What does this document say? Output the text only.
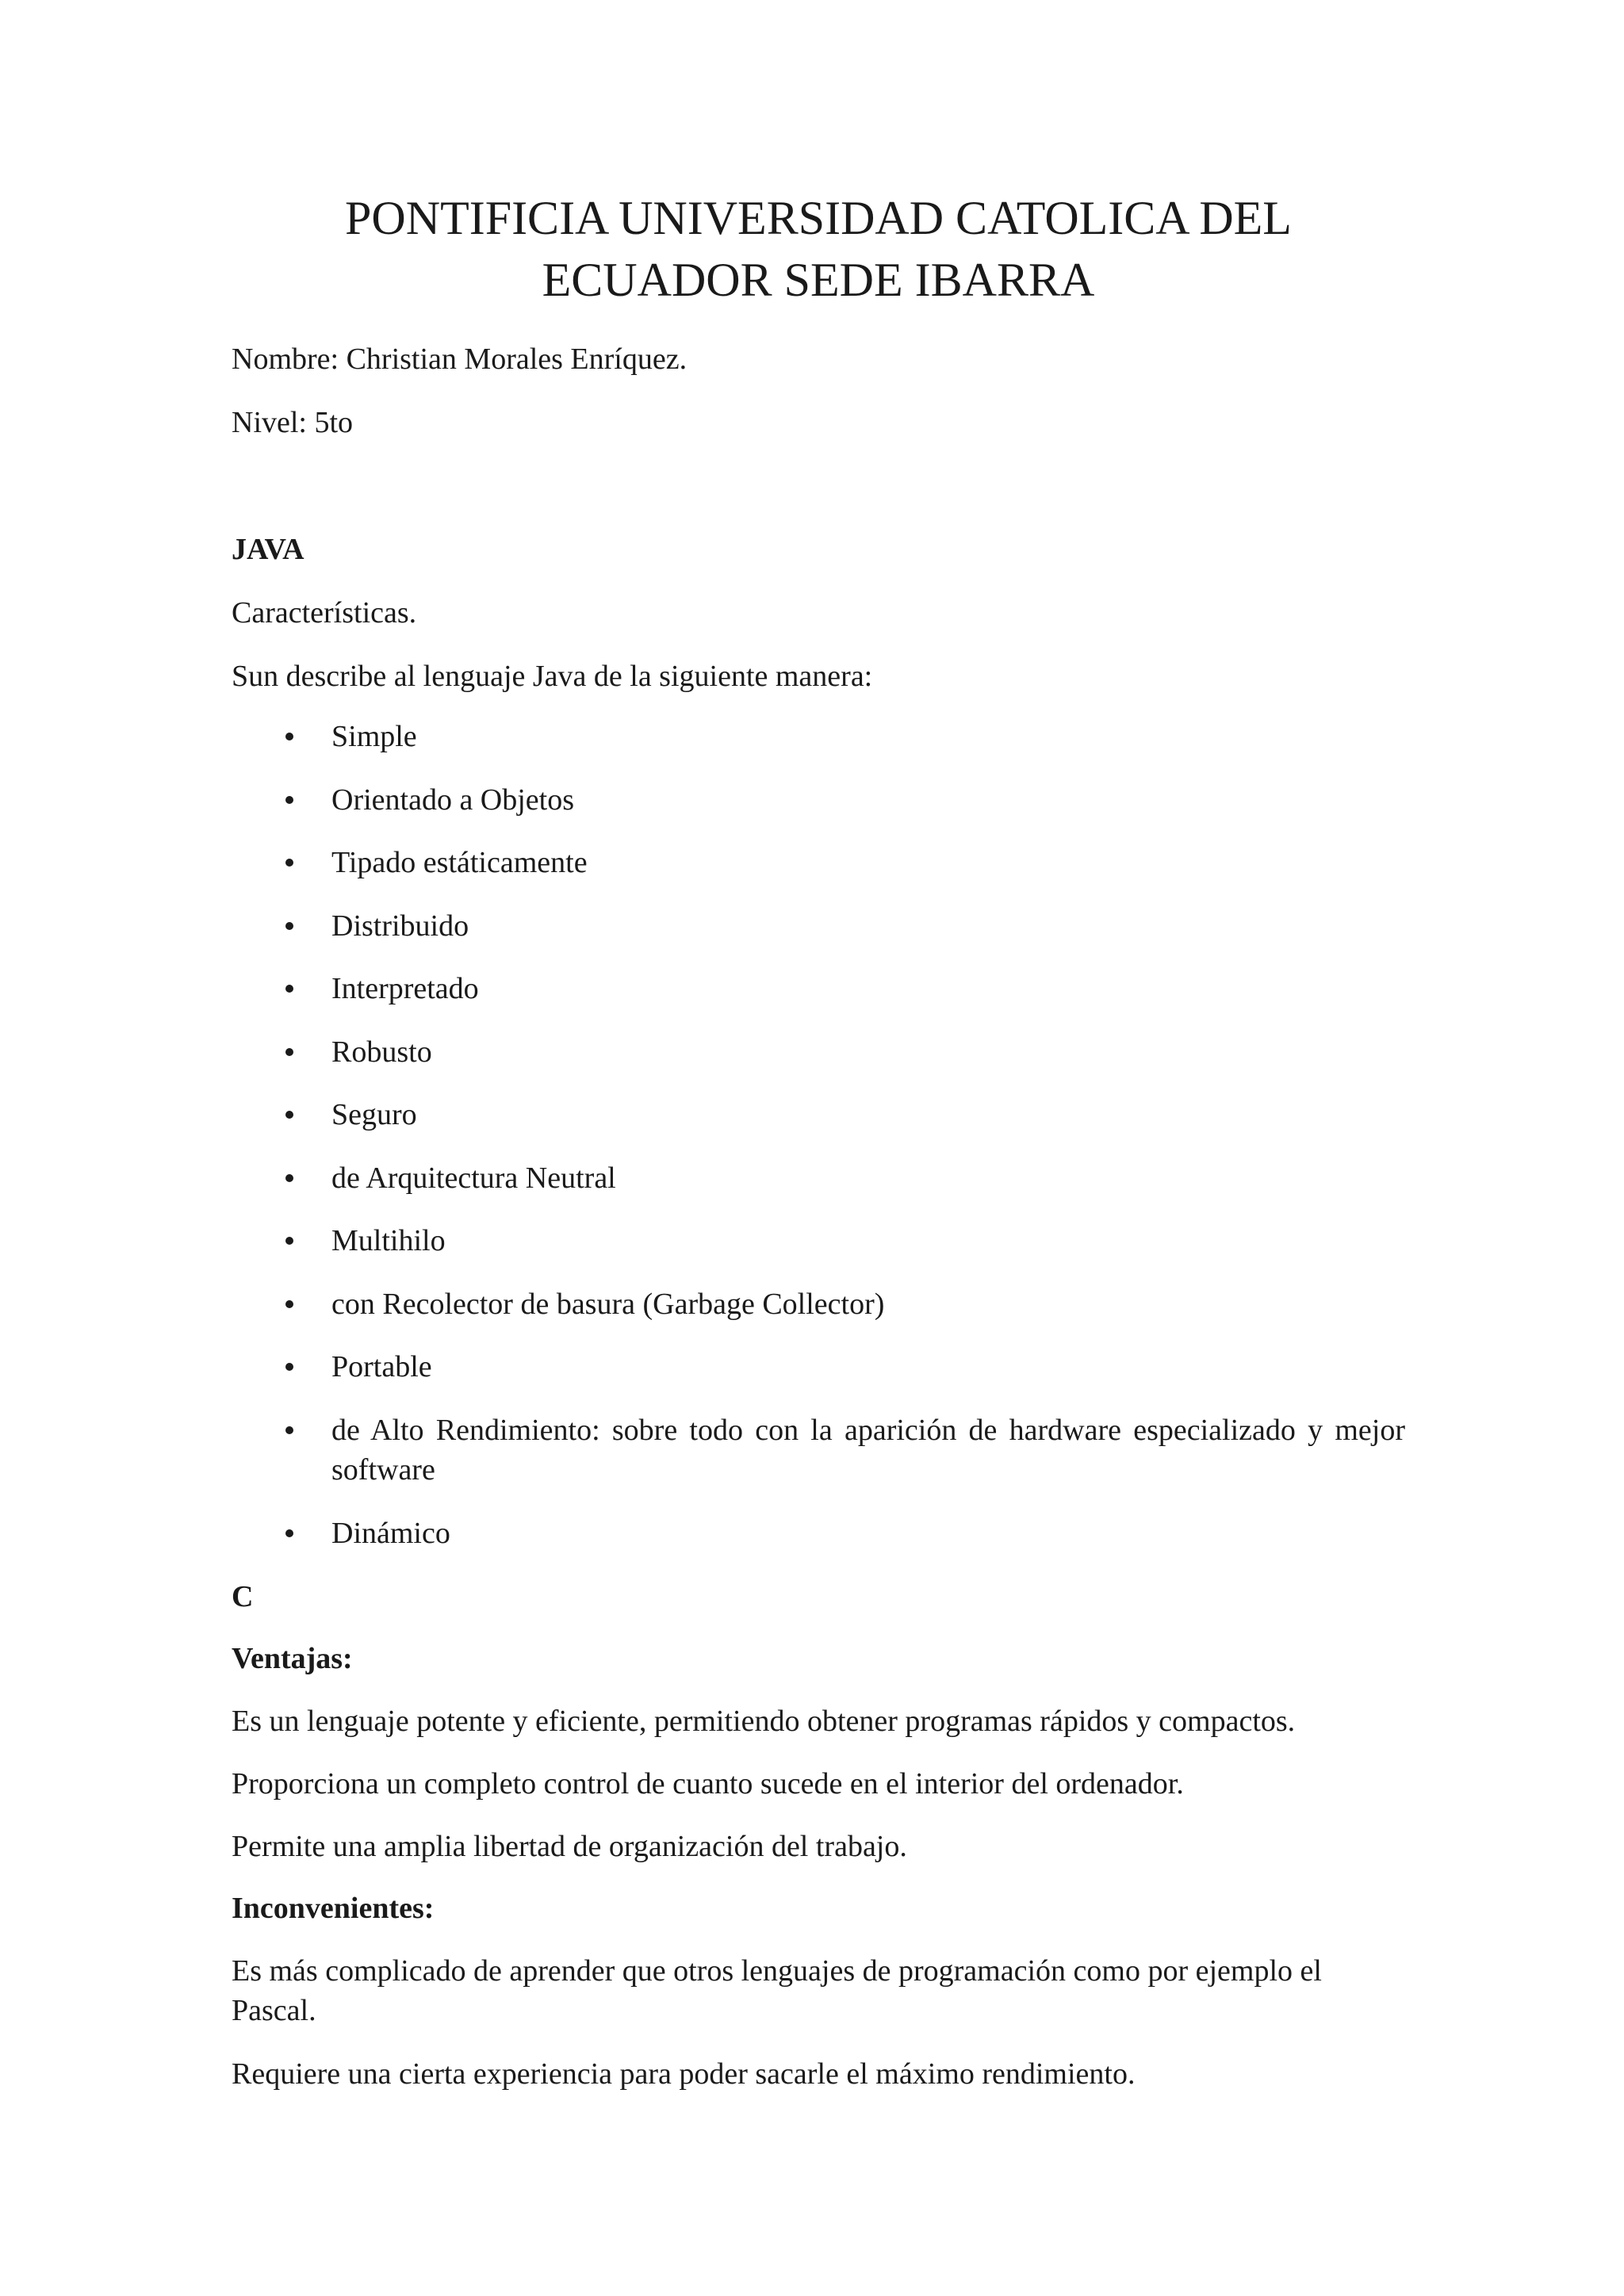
PONTIFICIA UNIVERSIDAD CATOLICA DEL ECUADOR SEDE IBARRA

Nombre: Christian Morales Enríquez.

Nivel: 5to

JAVA

Características.

Sun describe al lenguaje Java de la siguiente manera:

Simple
Orientado a Objetos
Tipado estáticamente
Distribuido
Interpretado
Robusto
Seguro
de Arquitectura Neutral
Multihilo
con Recolector de basura (Garbage Collector)
Portable
de Alto Rendimiento: sobre todo con la aparición de hardware especializado y mejor software
Dinámico

C

Ventajas:

Es un lenguaje potente y eficiente, permitiendo obtener programas rápidos y compactos.

Proporciona un completo control de cuanto sucede en el interior del ordenador.

Permite una amplia libertad de organización del trabajo.

Inconvenientes:

Es más complicado de aprender que otros lenguajes de programación como por ejemplo el Pascal.

Requiere una cierta experiencia para poder sacarle el máximo rendimiento.
